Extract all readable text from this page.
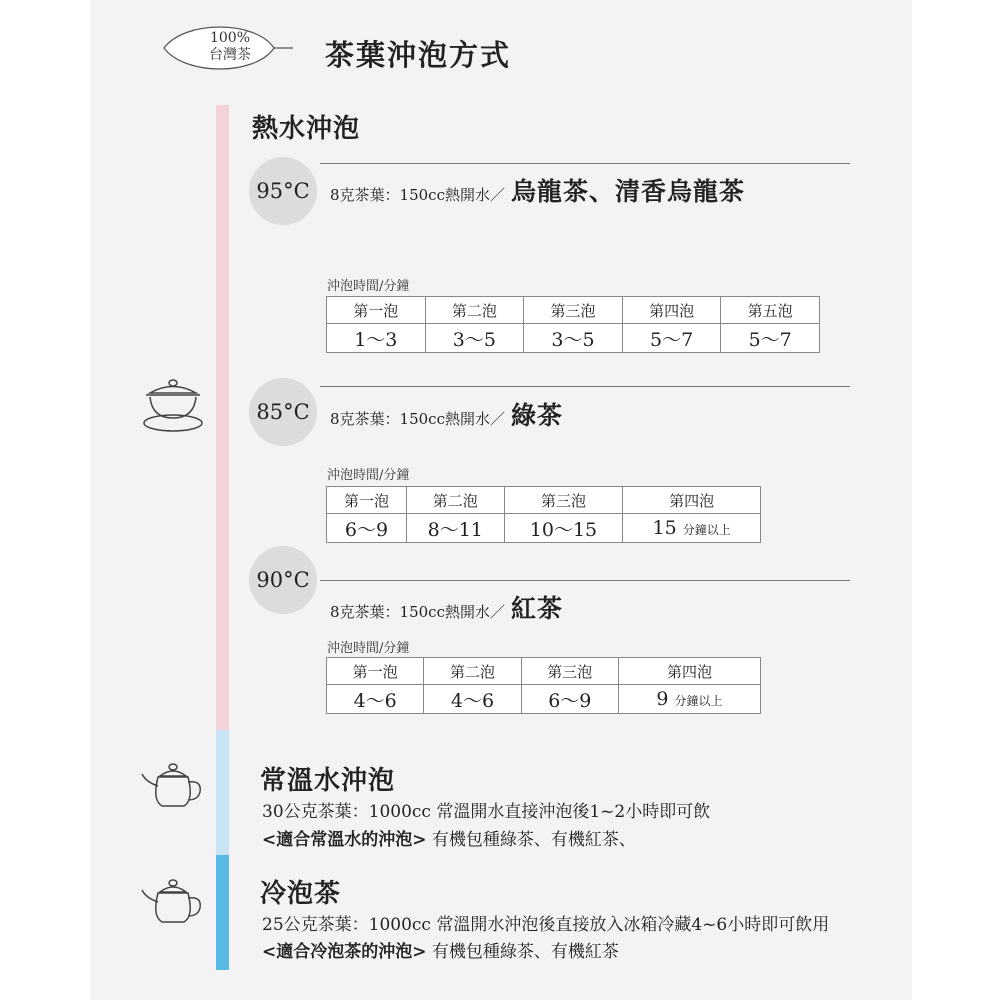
100%
台灣茶	茶葉沖泡方式
熱水沖泡
95°C	8克茶葉：150cc熱開水／ 烏龍茶、清香烏龍茶
沖泡時間/分鐘
第一泡	第二泡	第三泡	第四泡	第五泡
1～3	3～5	3～5	5～7	5～7
85°C	8克茶葉：150cc熱開水／ 綠茶
沖泡時間/分鐘
第一泡	第二泡	第三泡	第四泡
6～9	8～11	10～15	15 分鐘以上
90°C
8克茶葉：150cc熱開水／ 紅茶
沖泡時間/分鐘
第一泡	第二泡	第三泡	第四泡
4～6	4～6	6～9	9 分鐘以上
常溫水沖泡
30公克茶葉：1000cc 常溫開水直接沖泡後1~2小時即可飲
<適合常溫水的沖泡> 有機包種綠茶、有機紅茶、
冷泡茶
25公克茶葉：1000cc 常溫開水沖泡後直接放入冰箱冷藏4~6小時即可飲用
<適合冷泡茶的沖泡> 有機包種綠茶、有機紅茶
